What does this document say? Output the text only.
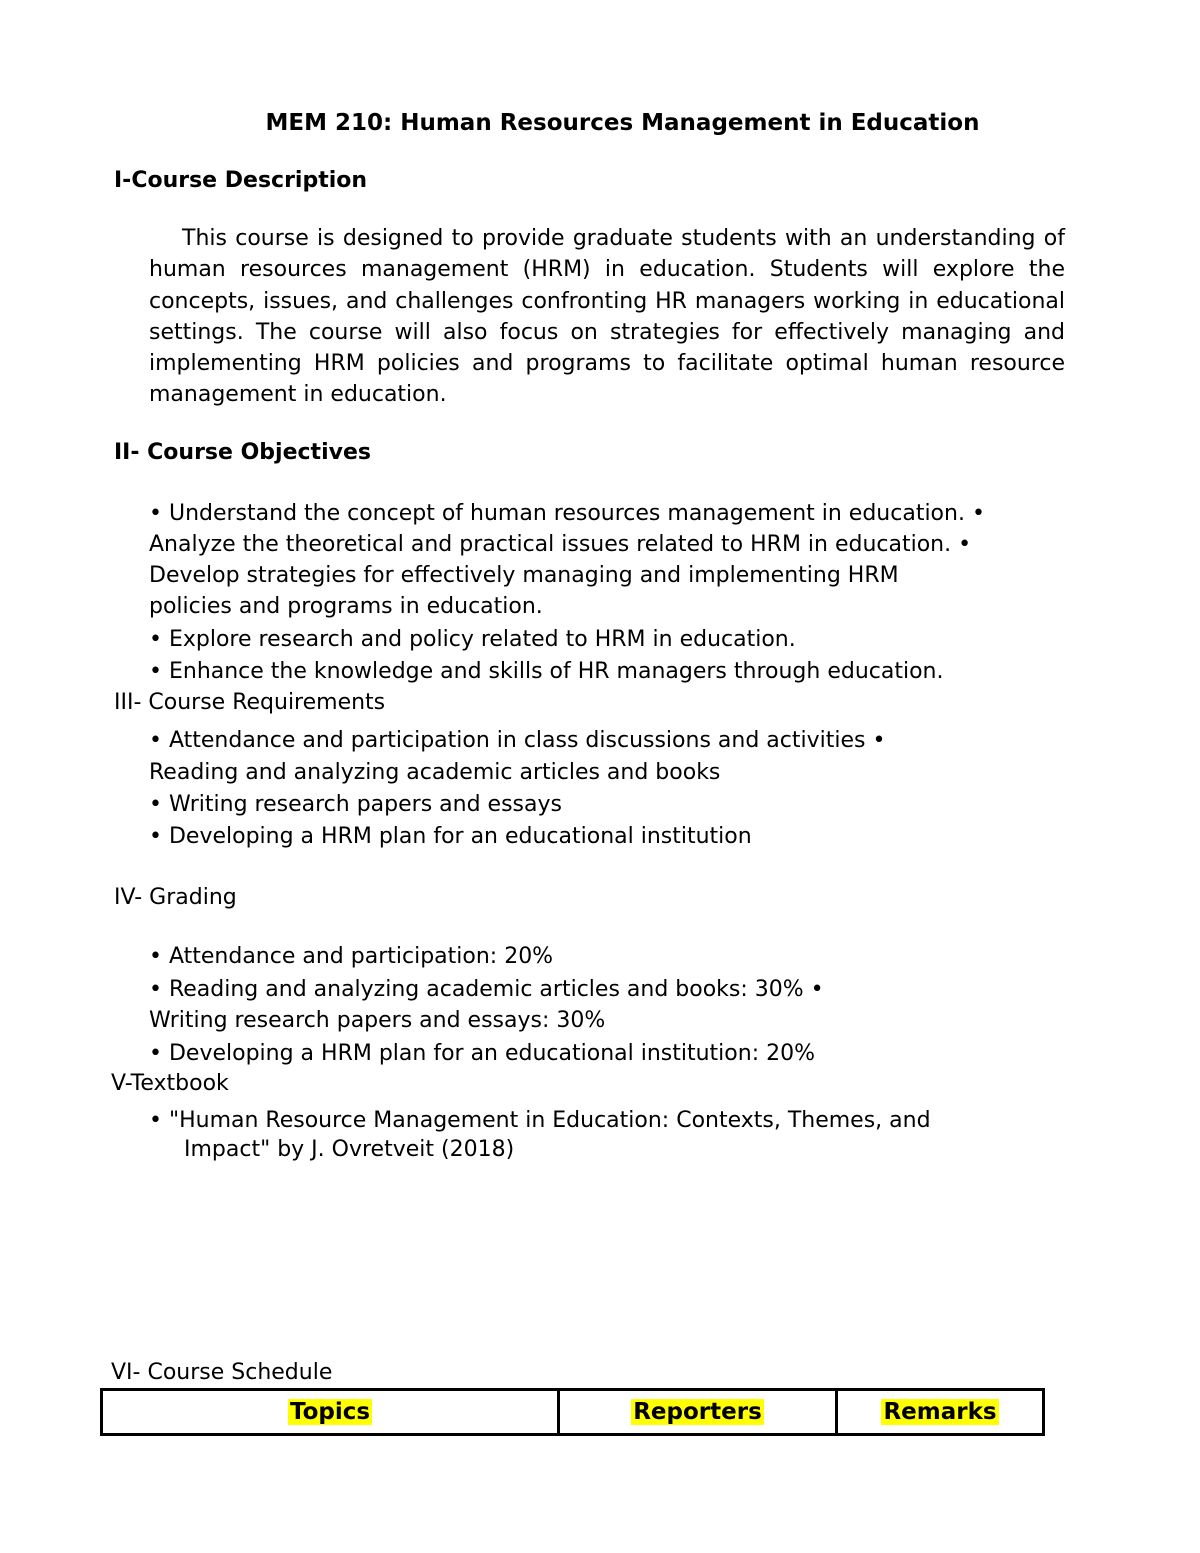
MEM 210: Human Resources Management in Education
I-Course Description
This course is designed to provide graduate students with an understanding of human resources management (HRM) in education. Students will explore the concepts, issues, and challenges confronting HR managers working in educational settings. The course will also focus on strategies for effectively managing and implementing HRM policies and programs to facilitate optimal human resource management in education.
II- Course Objectives
• Understand the concept of human resources management in education. •
Analyze the theoretical and practical issues related to HRM in education. •
Develop strategies for effectively managing and implementing HRM
policies and programs in education.
• Explore research and policy related to HRM in education.
• Enhance the knowledge and skills of HR managers through education.
III- Course Requirements
• Attendance and participation in class discussions and activities •
Reading and analyzing academic articles and books
• Writing research papers and essays
• Developing a HRM plan for an educational institution
IV- Grading
• Attendance and participation: 20%
• Reading and analyzing academic articles and books: 30% •
Writing research papers and essays: 30%
• Developing a HRM plan for an educational institution: 20%
V-Textbook
• "Human Resource Management in Education: Contexts, Themes, and
Impact" by J. Ovretveit (2018)
VI- Course Schedule
Topics	Reporters	Remarks
